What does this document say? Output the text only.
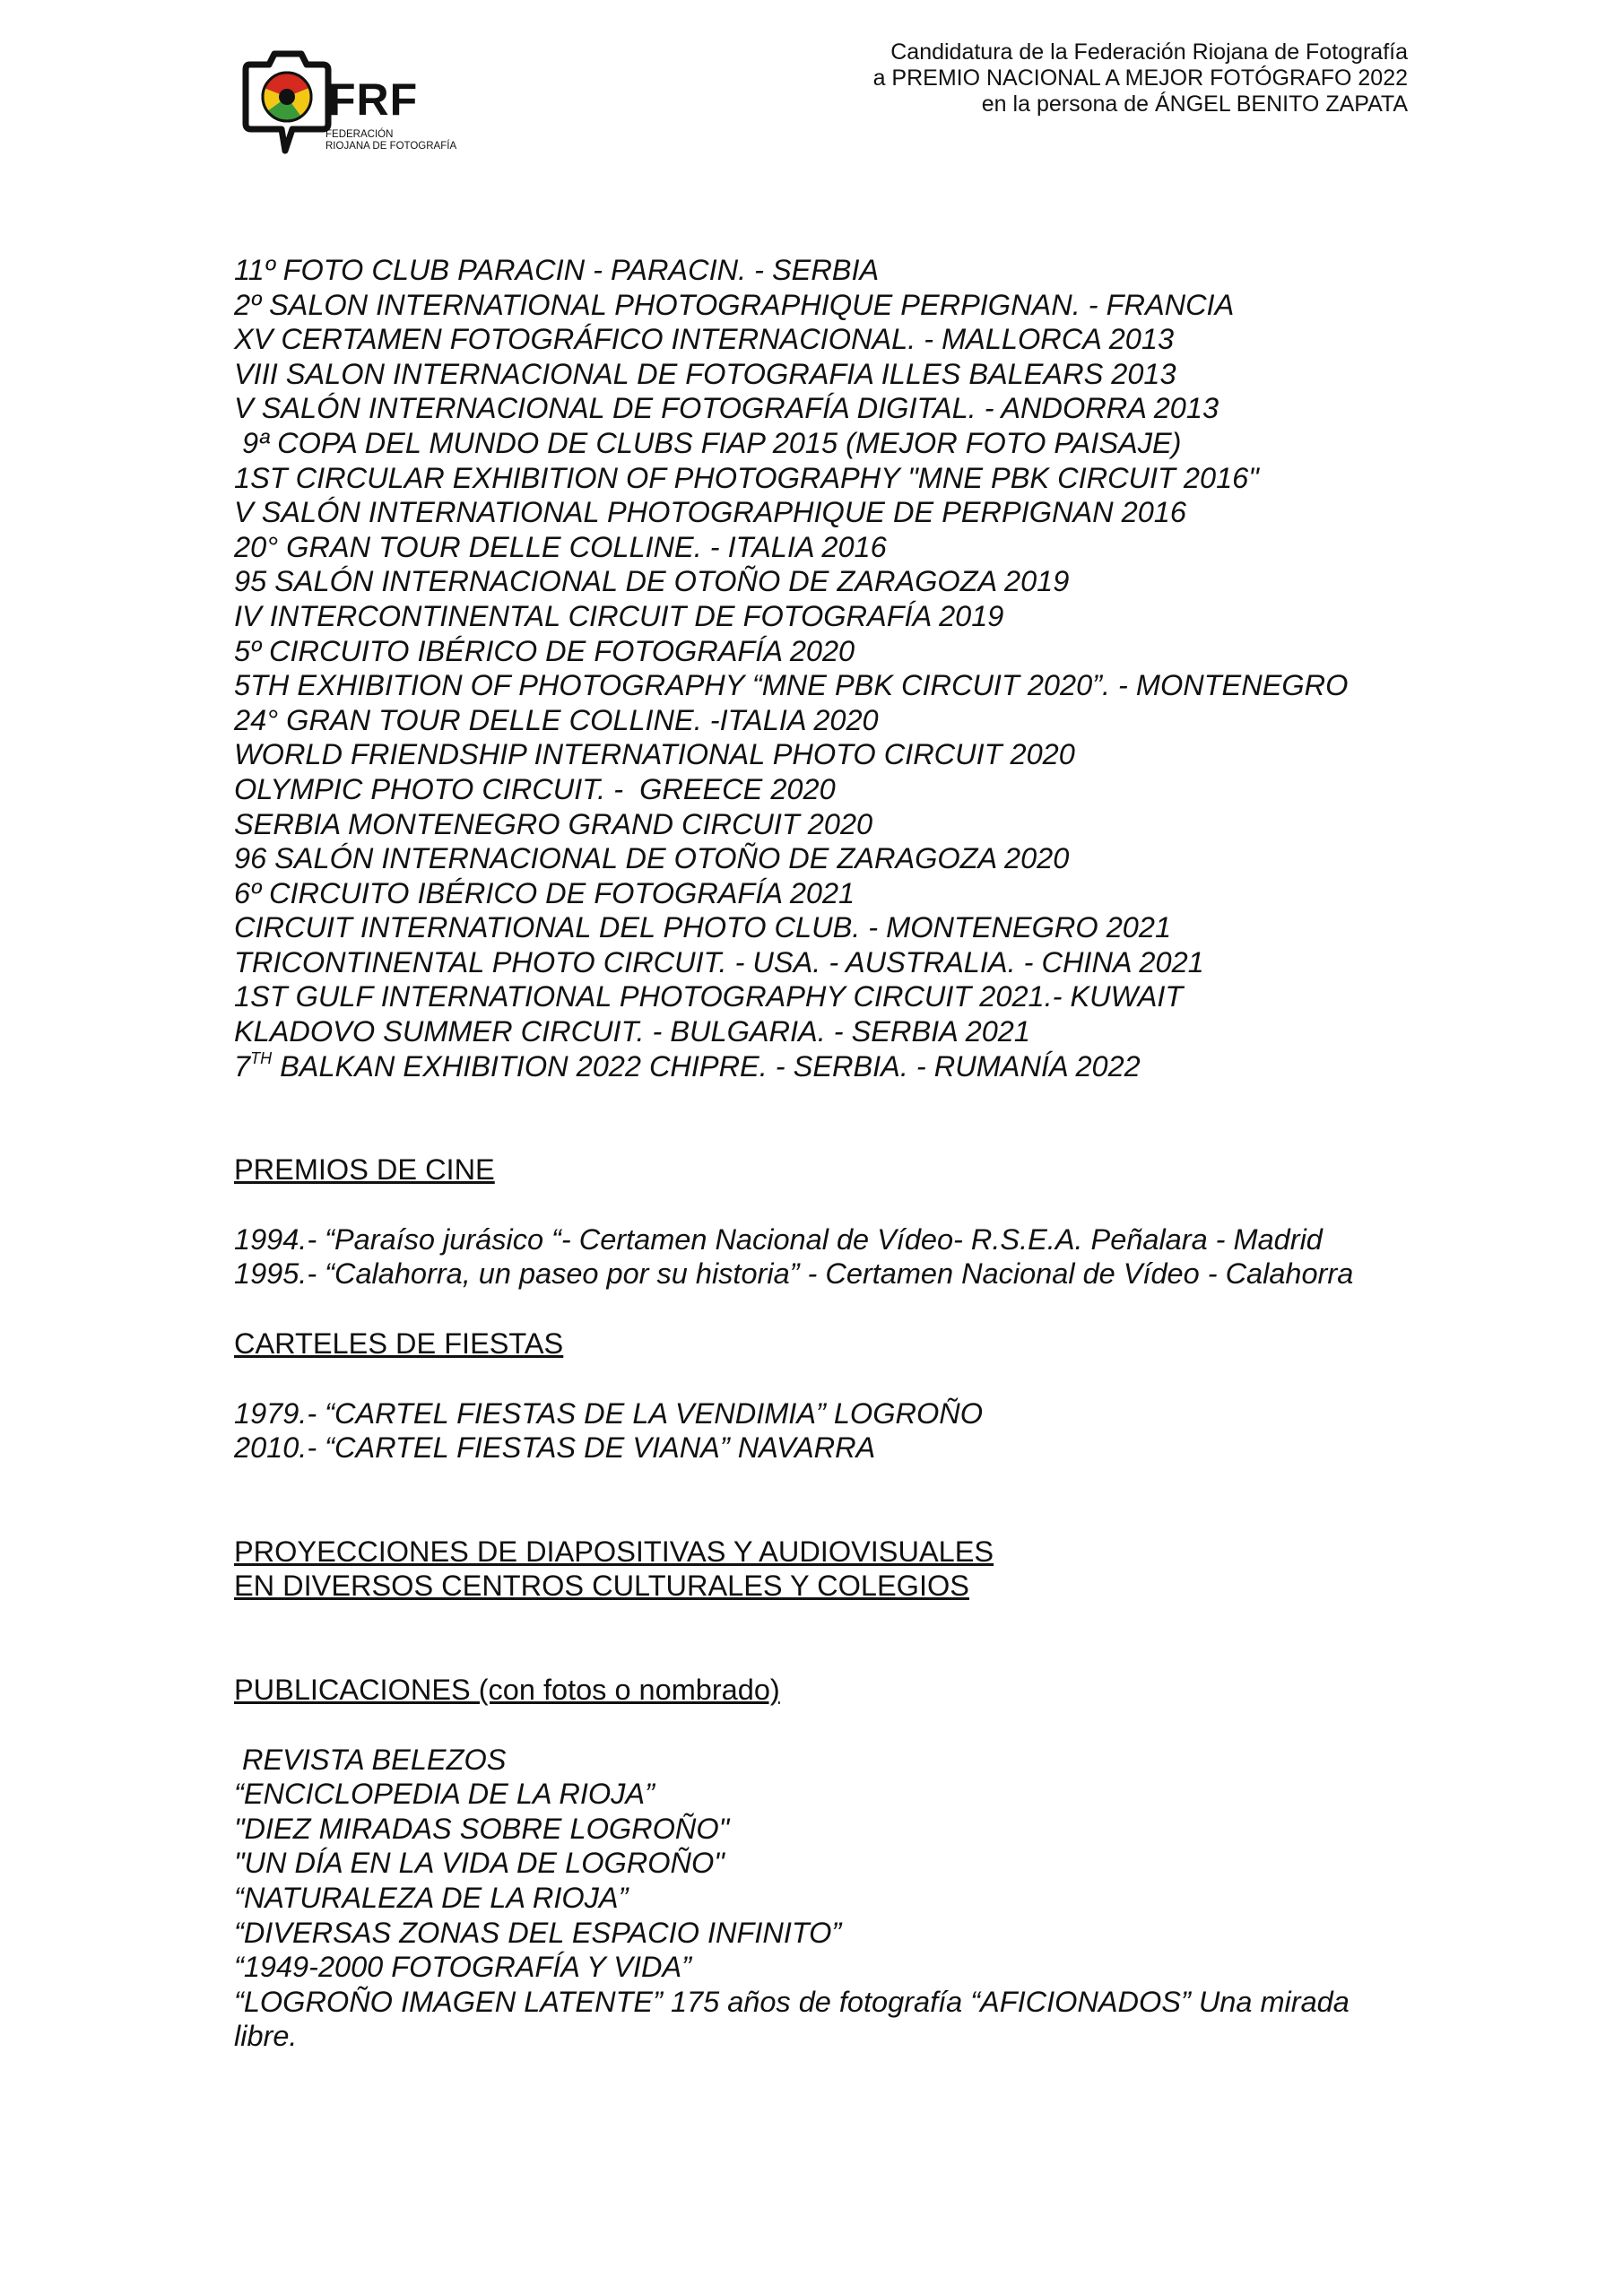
FRF
FEDERACIÓN
RIOJANA DE FOTOGRAFÍA
Candidatura de la Federación Riojana de Fotografía
a PREMIO NACIONAL A MEJOR FOTÓGRAFO 2022
en la persona de ÁNGEL BENITO ZAPATA

11º FOTO CLUB PARACIN - PARACIN. - SERBIA

2º SALON INTERNATIONAL PHOTOGRAPHIQUE PERPIGNAN. - FRANCIA

XV CERTAMEN FOTOGRÁFICO INTERNACIONAL. - MALLORCA 2013

VIII SALON INTERNACIONAL DE FOTOGRAFIA ILLES BALEARS 2013

V SALÓN INTERNACIONAL DE FOTOGRAFÍA DIGITAL. - ANDORRA 2013

9ª COPA DEL MUNDO DE CLUBS FIAP 2015 (MEJOR FOTO PAISAJE)

1ST CIRCULAR EXHIBITION OF PHOTOGRAPHY "MNE PBK CIRCUIT 2016"

V SALÓN INTERNATIONAL PHOTOGRAPHIQUE DE PERPIGNAN 2016

20° GRAN TOUR DELLE COLLINE. - ITALIA 2016

95 SALÓN INTERNACIONAL DE OTOÑO DE ZARAGOZA 2019

IV INTERCONTINENTAL CIRCUIT DE FOTOGRAFÍA 2019

5º CIRCUITO IBÉRICO DE FOTOGRAFÍA 2020

5TH EXHIBITION OF PHOTOGRAPHY “MNE PBK CIRCUIT 2020”. - MONTENEGRO

24° GRAN TOUR DELLE COLLINE. -ITALIA 2020

WORLD FRIENDSHIP INTERNATIONAL PHOTO CIRCUIT 2020

OLYMPIC PHOTO CIRCUIT. -  GREECE 2020

SERBIA MONTENEGRO GRAND CIRCUIT 2020

96 SALÓN INTERNACIONAL DE OTOÑO DE ZARAGOZA 2020

6º CIRCUITO IBÉRICO DE FOTOGRAFÍA 2021

CIRCUIT INTERNATIONAL DEL PHOTO CLUB. - MONTENEGRO 2021

TRICONTINENTAL PHOTO CIRCUIT. - USA. - AUSTRALIA. - CHINA 2021

1ST GULF INTERNATIONAL PHOTOGRAPHY CIRCUIT 2021.- KUWAIT

KLADOVO SUMMER CIRCUIT. - BULGARIA. - SERBIA 2021

7TH BALKAN EXHIBITION 2022 CHIPRE. - SERBIA. - RUMANÍA 2022

PREMIOS DE CINE

1994.- “Paraíso jurásico “- Certamen Nacional de Vídeo- R.S.E.A. Peñalara - Madrid

1995.- “Calahorra, un paseo por su historia” - Certamen Nacional de Vídeo - Calahorra

CARTELES DE FIESTAS

1979.- “CARTEL FIESTAS DE LA VENDIMIA” LOGROÑO

2010.- “CARTEL FIESTAS DE VIANA” NAVARRA

PROYECCIONES DE DIAPOSITIVAS Y AUDIOVISUALES

EN DIVERSOS CENTROS CULTURALES Y COLEGIOS

PUBLICACIONES (con fotos o nombrado)

REVISTA BELEZOS

“ENCICLOPEDIA DE LA RIOJA”

"DIEZ MIRADAS SOBRE LOGROÑO"

"UN DÍA EN LA VIDA DE LOGROÑO"

“NATURALEZA DE LA RIOJA”

“DIVERSAS ZONAS DEL ESPACIO INFINITO”

“1949-2000 FOTOGRAFÍA Y VIDA”

“LOGROÑO IMAGEN LATENTE” 175 años de fotografía “AFICIONADOS” Una mirada

libre.
